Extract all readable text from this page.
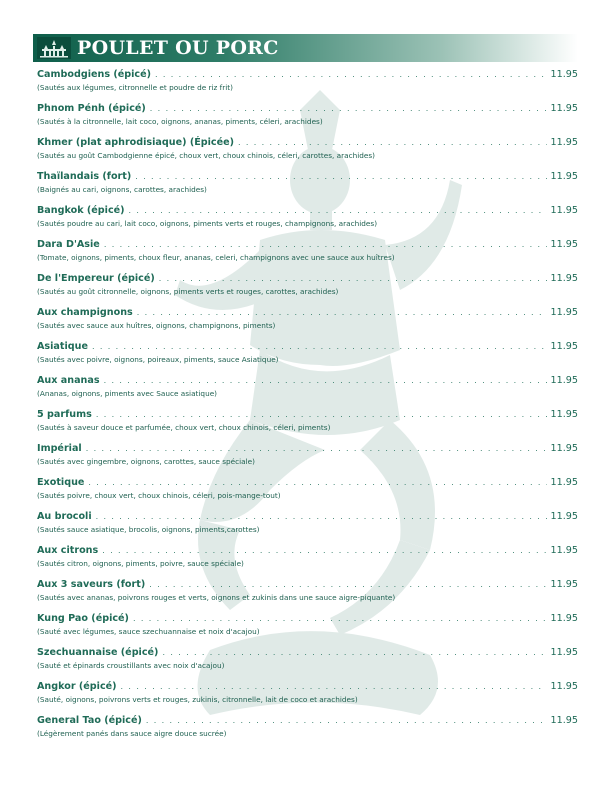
POULET OU PORC
Cambodgiens (épicé) . . .	11.95
(Sautés aux légumes, citronnelle et poudre de riz frit)
Phnom Pénh (épicé) . . .	11.95
(Sautés à la citronnelle, lait coco, oignons, ananas, piments, céleri, arachides)
Khmer (plat aphrodisiaque) (Épicée) . . .	11.95
(Sautés au goût Cambodgienne épicé, choux vert, choux chinois, céleri, carottes, arachides)
Thaïlandais (fort) . . .	11.95
(Baignés au cari, oignons, carottes, arachides)
Bangkok (épicé) . . .	11.95
(Sautés poudre au cari, lait coco, oignons, piments verts et rouges, champignons, arachides)
Dara D'Asie . . .	11.95
(Tomate, oignons, piments, choux fleur, ananas, celeri, champignons avec une sauce aux huîtres)
De l'Empereur (épicé) . . .	11.95
(Sautés au goût citronnelle, oignons, piments verts et rouges, carottes, arachides)
Aux champignons . . .	11.95
(Sautés avec sauce aux huîtres, oignons, champignons, piments)
Asiatique . . .	11.95
(Sautés avec poivre, oignons, poireaux, piments, sauce Asiatique)
Aux ananas . . .	11.95
(Ananas, oignons, piments avec Sauce asiatique)
5 parfums . . .	11.95
(Sautés à saveur douce et parfumée, choux vert, choux chinois, céleri, piments)
Impérial . . .	11.95
(Sautés avec gingembre, oignons, carottes, sauce spéciale)
Exotique . . .	11.95
(Sautés poivre, choux vert, choux chinois, céleri, pois-mange-tout)
Au brocoli . . .	11.95
(Sautés sauce asiatique, brocolis, oignons, piments,carottes)
Aux citrons . . .	11.95
(Sautés citron, oignons, piments, poivre, sauce spéciale)
Aux 3 saveurs (fort) . . .	11.95
(Sautés avec ananas, poivrons rouges et verts, oignons et zukinis dans une sauce aigre-piquante)
Kung Pao (épicé) . . .	11.95
(Sauté avec légumes, sauce szechuannaise et noix d'acajou)
Szechuannaise (épicé) . . .	11.95
(Sauté et épinards croustillants avec noix d'acajou)
Angkor (épicé) . . .	11.95
(Sauté, oignons, poivrons verts et rouges, zukinis, citronnelle, lait de coco et arachides)
General Tao (épicé) . . .	11.95
(Légèrement panés dans sauce aigre douce sucrée)
